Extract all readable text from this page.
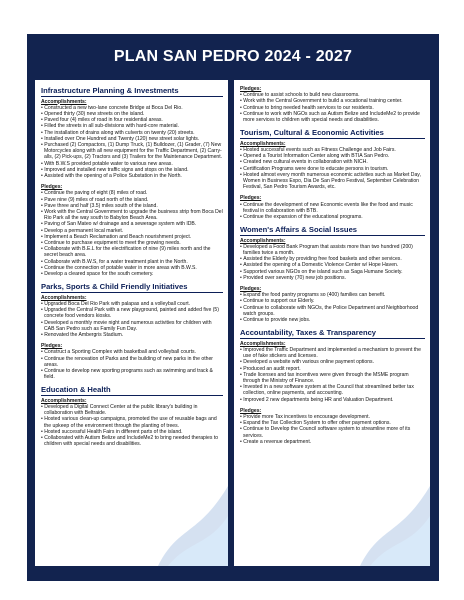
PLAN SAN PEDRO 2024 - 2027
Infrastructure Planning & Investments
Accomplishments:
• Constructed a new two-lane concrete Bridge at Boca Del Rio.
• Opened thirty (30) new streets on the island.
• Paved four (4) miles of road in four residential areas.
• Filled the streets in all sub-divisions with hard-core material.
• The installation of drains along with culverts on twenty (20) streets.
• Installed over One Hundred and Twenty (120) new street solar lights.
• Purchased (2) Compactors, (1) Dump Truck, (1) Bulldozer, (1) Grader, (7) New Motorcycles along with all new equipment for the Traffic Department, (2) Carry-alls, (2) Pick-ups, (2) Tractors and (3) Trailers for the Maintenance Department.
• With B.W.S provided potable water to various new areas.
• Improved and installed new traffic signs and stops on the island.
• Assisted with the opening of a Police Substation in the North.
Pledges:
• Continue the paving of eight (8) miles of road.
• Pave nine (9) miles of road north of the island.
• Pave three and half (3.5) miles south of the island.
• Work with the Central Government to upgrade the business strip from Boca Del Rio Park all the way south to Babylon Beach Area.
• Paving of San Mateo w/ drainage and a sewerage system with IDB.
• Develop a permanent local market.
• Implement a Beach Reclamation and Beach nourishment project.
• Continue to purchase equipment to meet the growing needs.
• Collaborate with B.E.L for the electrification of nine (9) miles north and the secret beach area.
• Collaborate with B.W.S, for a water treatment plant in the North.
• Continue the connection of potable water in more areas with B.W.S.
• Develop a cleared space for the south cemetery.
Parks, Sports & Child Friendly Initiatives
Accomplishments:
• Upgraded Boca Del Rio Park with palapas and a volleyball court.
• Upgraded the Central Park with a new playground, painted and added five (5) concrete food vendors kiosks.
• Developed a monthly movie night and numerous activities for children with CAB San Pedro such as Family Fun Day.
• Renovated the Ambergris Stadium.
Pledges:
• Construct a Sporting Complex with basketball and volleyball courts.
• Continue the renovation of Parks and the building of new parks in the other areas.
• Continue to develop new sporting programs such as swimming and track & field.
Education & Health
Accomplishments:
• Developed a Digital Connect Center at the public library's building in collaboration with Beltraide.
• Hosted various clean-up campaigns, promoted the use of reusable bags and the upkeep of the environment through the planting of trees.
• Hosted successful Health Fairs in different parts of the island.
• Collaborated with Autism Belize and IncludeMe2 to bring needed therapies to children with special needs and disabilities.
Pledges:
• Continue to assist schools to build new classrooms.
• Work with the Central Government to build a vocational training center.
• Continue to bring needed health services to our residents.
• Continue to work with NGOs such as Autism Belize and IncludeMe2 to provide more services to children with special needs and disabilities.
Tourism, Cultural & Economic Activities
Accomplishments:
• Hosted successful events such as Fitness Challenge and Job Fairs.
• Opened a Tourist Information Center along with BTIA San Pedro.
• Created new cultural events in collaboration with NICH.
• Certification Programs were done to educate persons in tourism.
• Hosted almost every month numerous economic activities such as Market Day, Women in Business Expo, Dia De San Pedro Festival, September Celebration Festival, San Pedro Tourism Awards, etc.
Pledges:
• Continue the development of new Economic events like the food and music festival in collaboration with BTB.
• Continue the expansion of the educational programs.
Women's Affairs & Social Issues
Accomplishments:
• Developed a Food Bank Program that assists more than two hundred (200) families twice a month.
• Assisted the Elderly by providing free food baskets and other services.
• Assisted the opening of a Domestic Violence Center w/ Hope Haven.
• Supported various NGOs on the island such as Saga Humane Society.
• Provided over seventy (70) new job positions.
Pledges:
• Expand the food pantry programs so (400) families can benefit.
• Continue to support our Elderly.
• Continue to collaborate with NGOs, the Police Department and Neighborhood watch groups.
• Continue to provide new jobs.
Accountability, Taxes & Transparency
Accomplishments:
• Improved the Traffic Department and implemented a mechanism to prevent the use of fake stickers and licenses.
• Developed a website with various online payment options.
• Produced an audit report.
• Trade licenses and tax incentives were given through the MSME program through the Ministry of Finance.
• Invested in a new software system at the Council that streamlined better tax collection, online payments, and accounting.
• Improved 2 new departments being HR and Valuation Department.
Pledges:
• Provide more Tax incentives to encourage development.
• Expand the Tax Collection System to offer other payment options.
• Continue to Develop the Council software system to streamline more of its services.
• Create a revenue department.
